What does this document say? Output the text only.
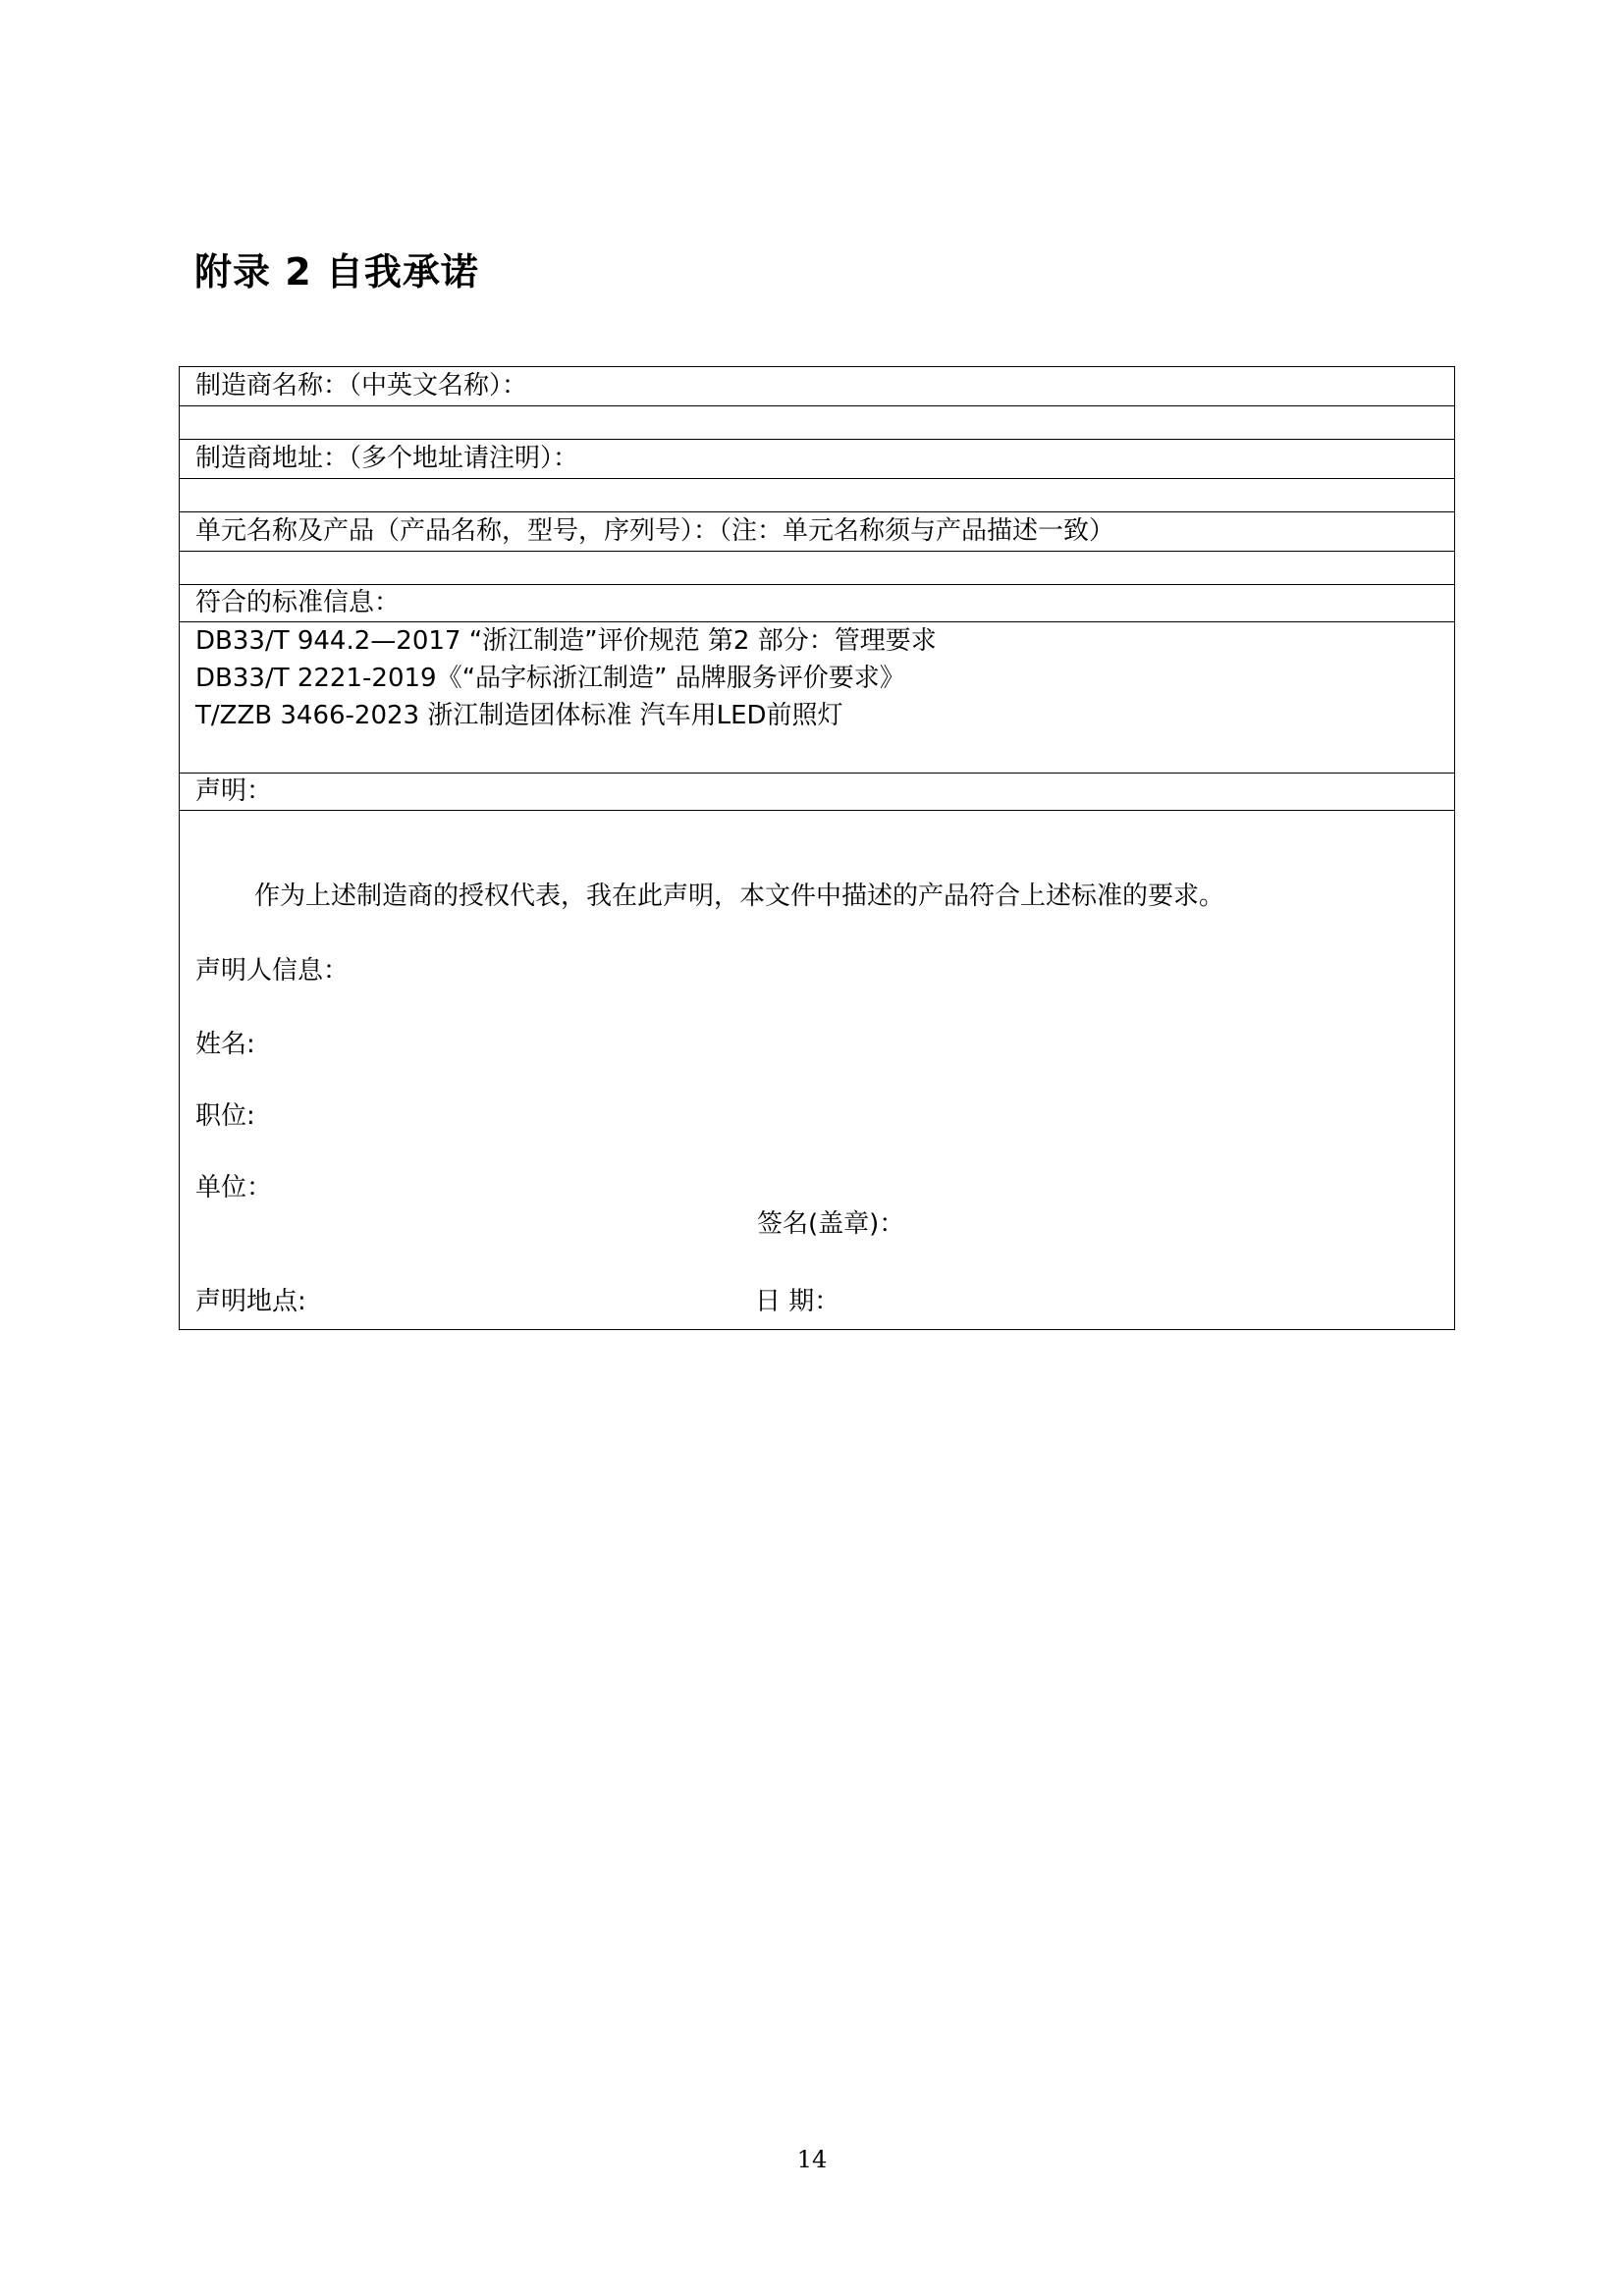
附录 2 自我承诺
制造商名称：（中英文名称）：
制造商地址：（多个地址请注明）：
单元名称及产品（产品名称，型号，序列号）：（注：单元名称须与产品描述一致）
符合的标准信息：
DB33/T 944.2—2017 “浙江制造”评价规范 第2 部分：管理要求
DB33/T 2221-2019《“品字标浙江制造” 品牌服务评价要求》
T/ZZB 3466-2023 浙江制造团体标准 汽车用LED前照灯
声明：
作为上述制造商的授权代表，我在此声明，本文件中描述的产品符合上述标准的要求。
声明人信息：
姓名:
职位:
单位：
签名(盖章)：
声明地点:	日 期：
14
